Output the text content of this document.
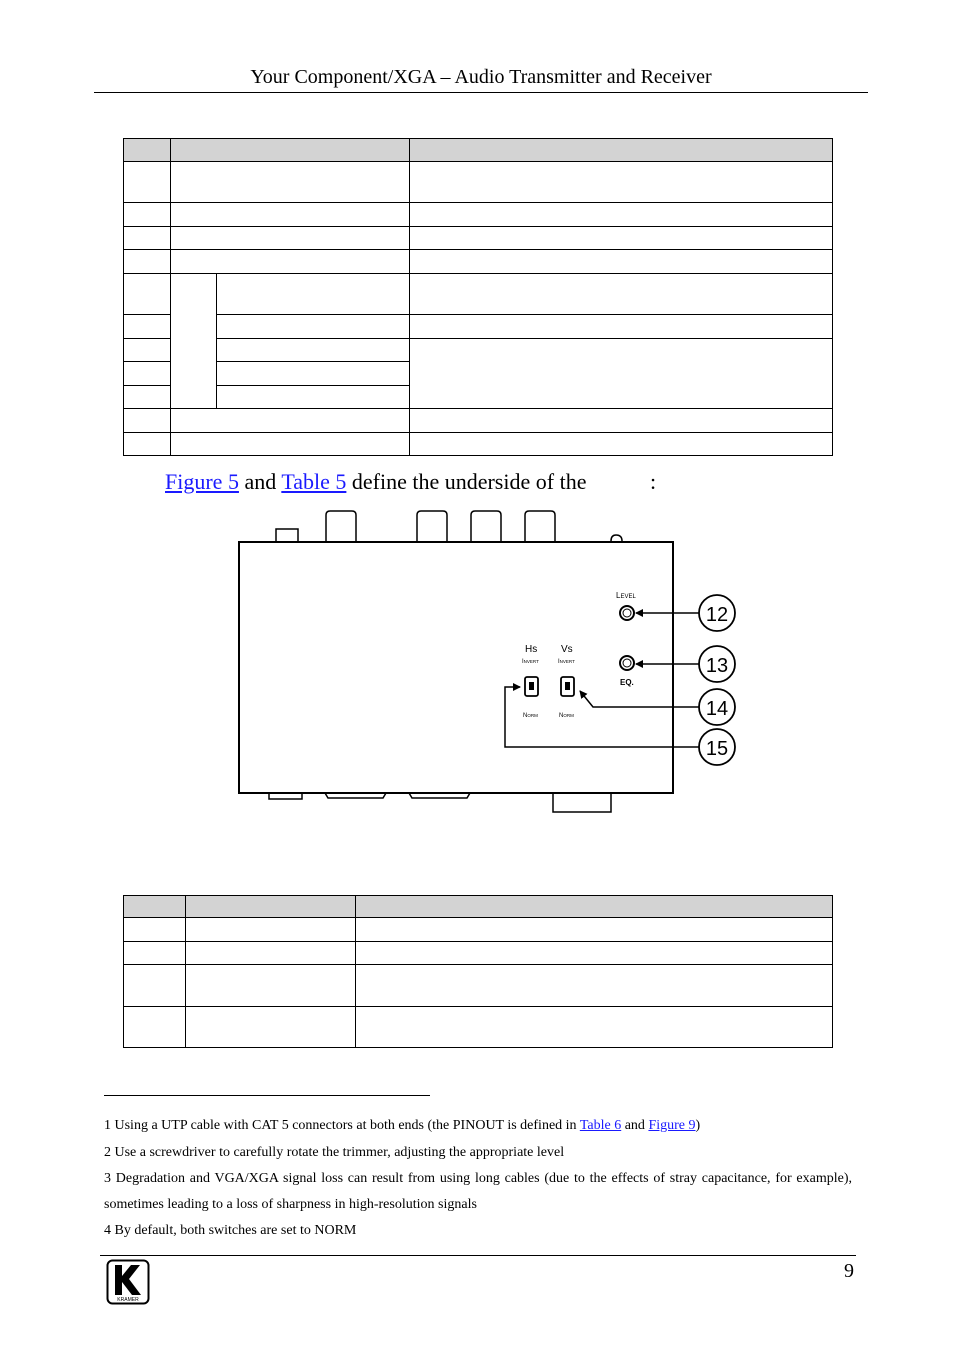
Your Component/XGA – Audio Transmitter and Receiver

Figure 5 and Table 5 define the underside of the	:
LEVEL
EQ.
Hs Vs
INVERT	INVERT
NORM	NORM
12
13
14
15

1 Using a UTP cable with CAT 5 connectors at both ends (the PINOUT is defined in Table 6 and Figure 9)
2 Use a screwdriver to carefully rotate the trimmer, adjusting the appropriate level
3 Degradation and VGA/XGA signal loss can result from using long cables (due to the effects of stray capacitance, for example), sometimes leading to a loss of sharpness in high-resolution signals
4 By default, both switches are set to NORM
KRAMER
9
